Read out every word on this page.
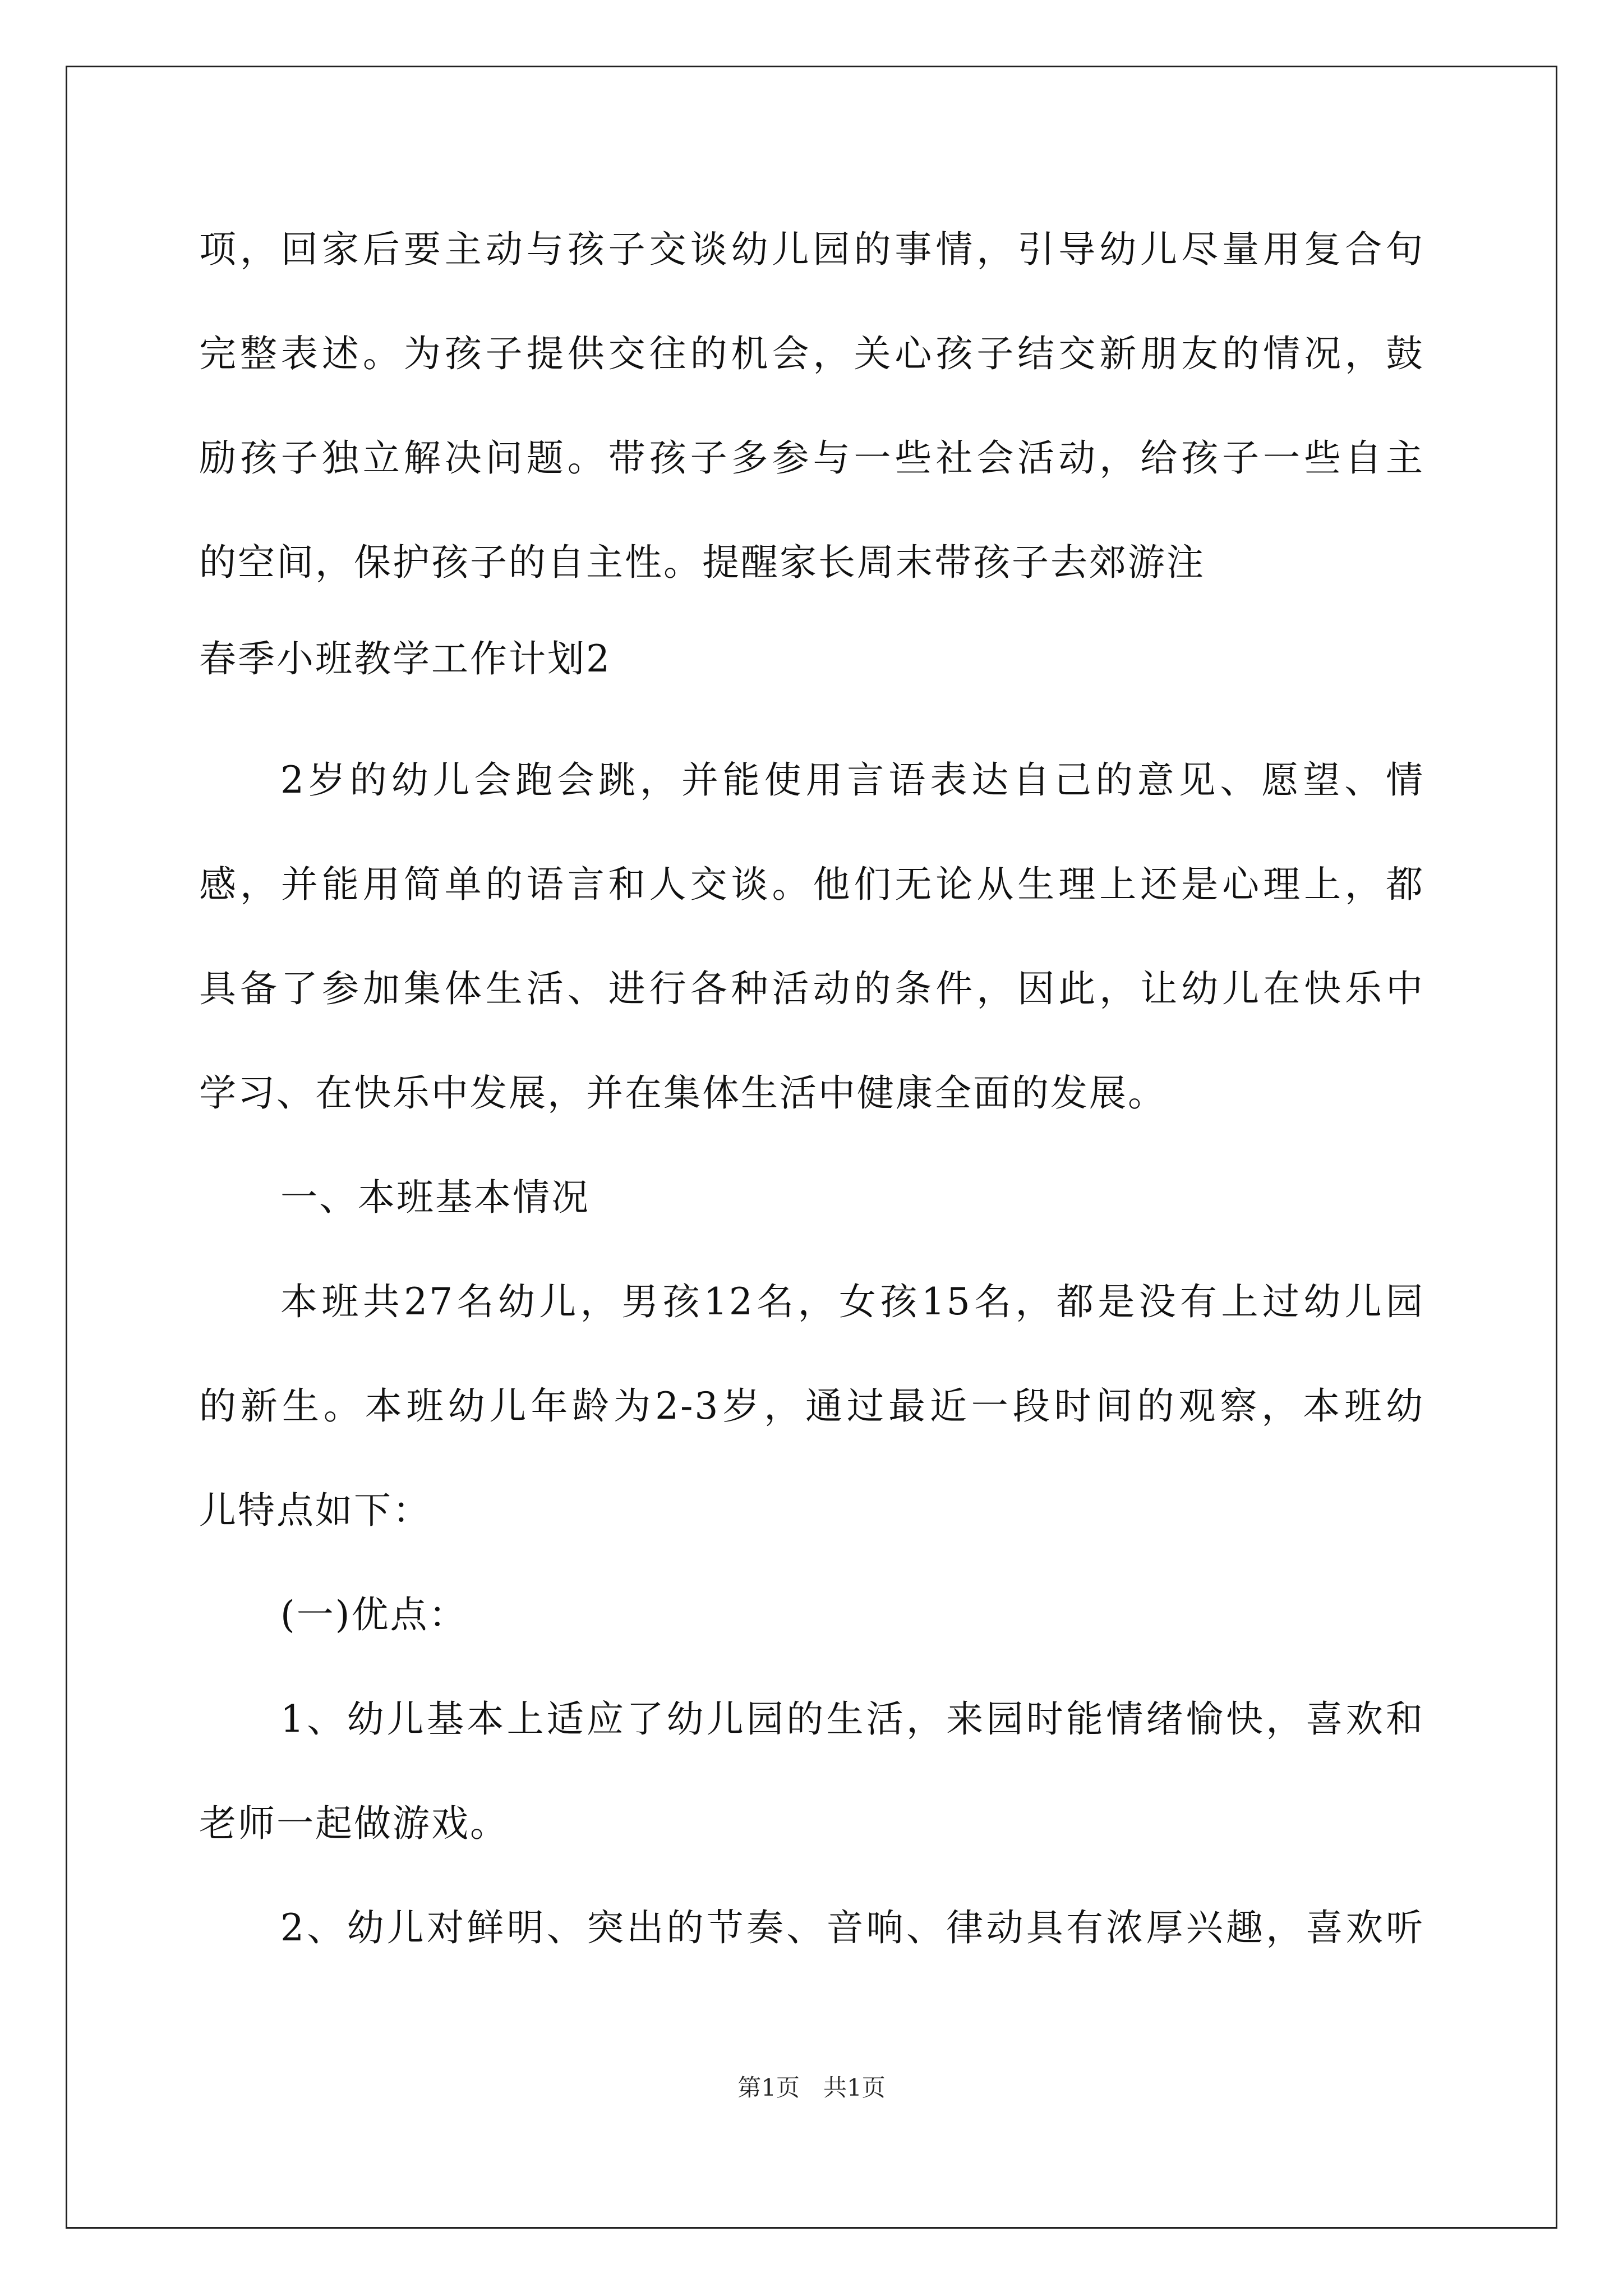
项，回家后要主动与孩子交谈幼儿园的事情，引导幼儿尽量用复合句
完整表述。为孩子提供交往的机会，关心孩子结交新朋友的情况，鼓
励孩子独立解决问题。带孩子多参与一些社会活动，给孩子一些自主
的空间，保护孩子的自主性。提醒家长周末带孩子去郊游注
春季小班教学工作计划2
2岁的幼儿会跑会跳，并能使用言语表达自己的意见、愿望、情
感，并能用简单的语言和人交谈。他们无论从生理上还是心理上，都
具备了参加集体生活、进行各种活动的条件，因此，让幼儿在快乐中
学习、在快乐中发展，并在集体生活中健康全面的发展。
一、本班基本情况
本班共27名幼儿，男孩12名，女孩15名，都是没有上过幼儿园
的新生。本班幼儿年龄为2-3岁，通过最近一段时间的观察，本班幼
儿特点如下：
(一)优点：
1、幼儿基本上适应了幼儿园的生活，来园时能情绪愉快，喜欢和
老师一起做游戏。
2、幼儿对鲜明、突出的节奏、音响、律动具有浓厚兴趣，喜欢听
第1页　共1页
